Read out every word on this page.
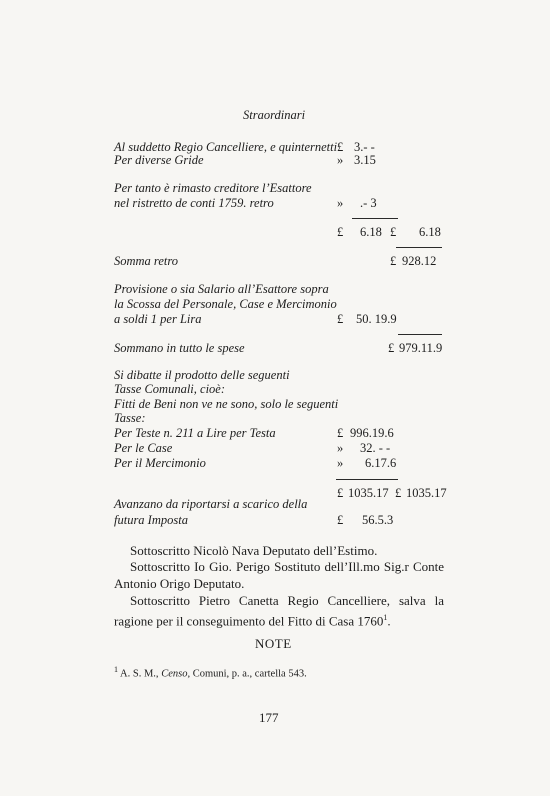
Straordinari
Al suddetto Regio Cancelliere, e quinternetti £ 3.- -
Per diverse Gride	» 3.15
Per tanto è rimasto creditore l’Esattore
nel ristretto de conti 1759. retro	» .- 3
£ 6.18 £ 6.18
Somma retro	£ 928.12
Provisione o sia Salario all’Esattore sopra
la Scossa del Personale, Case e Mercimonio
a soldi 1 per Lira	£ 50. 19.9
Sommano in tutto le spese	£ 979.11.9
Si dibatte il prodotto delle seguenti
Tasse Comunali, cioè:
Fitti de Beni non ve ne sono, solo le seguenti
Tasse:
Per Teste n. 211 a Lire per Testa	£ 996.19.6
Per le Case	» 32. - -
Per il Mercimonio	» 6.17.6
£ 1035.17 £ 1035.17
Avanzano da riportarsi a scarico della
futura Imposta	£ 56.5.3
Sottoscritto Nicolò Nava Deputato dell’Estimo.
Sottoscritto Io Gio. Perigo Sostituto dell’Ill.mo Sig.r Conte Antonio Origo Deputato.
Sottoscritto Pietro Canetta Regio Cancelliere, salva la ragione per il conseguimento del Fitto di Casa 1760$^1$.
NOTE
$^1$ A. S. M., Censo, Comuni, p. a., cartella 543.
177
